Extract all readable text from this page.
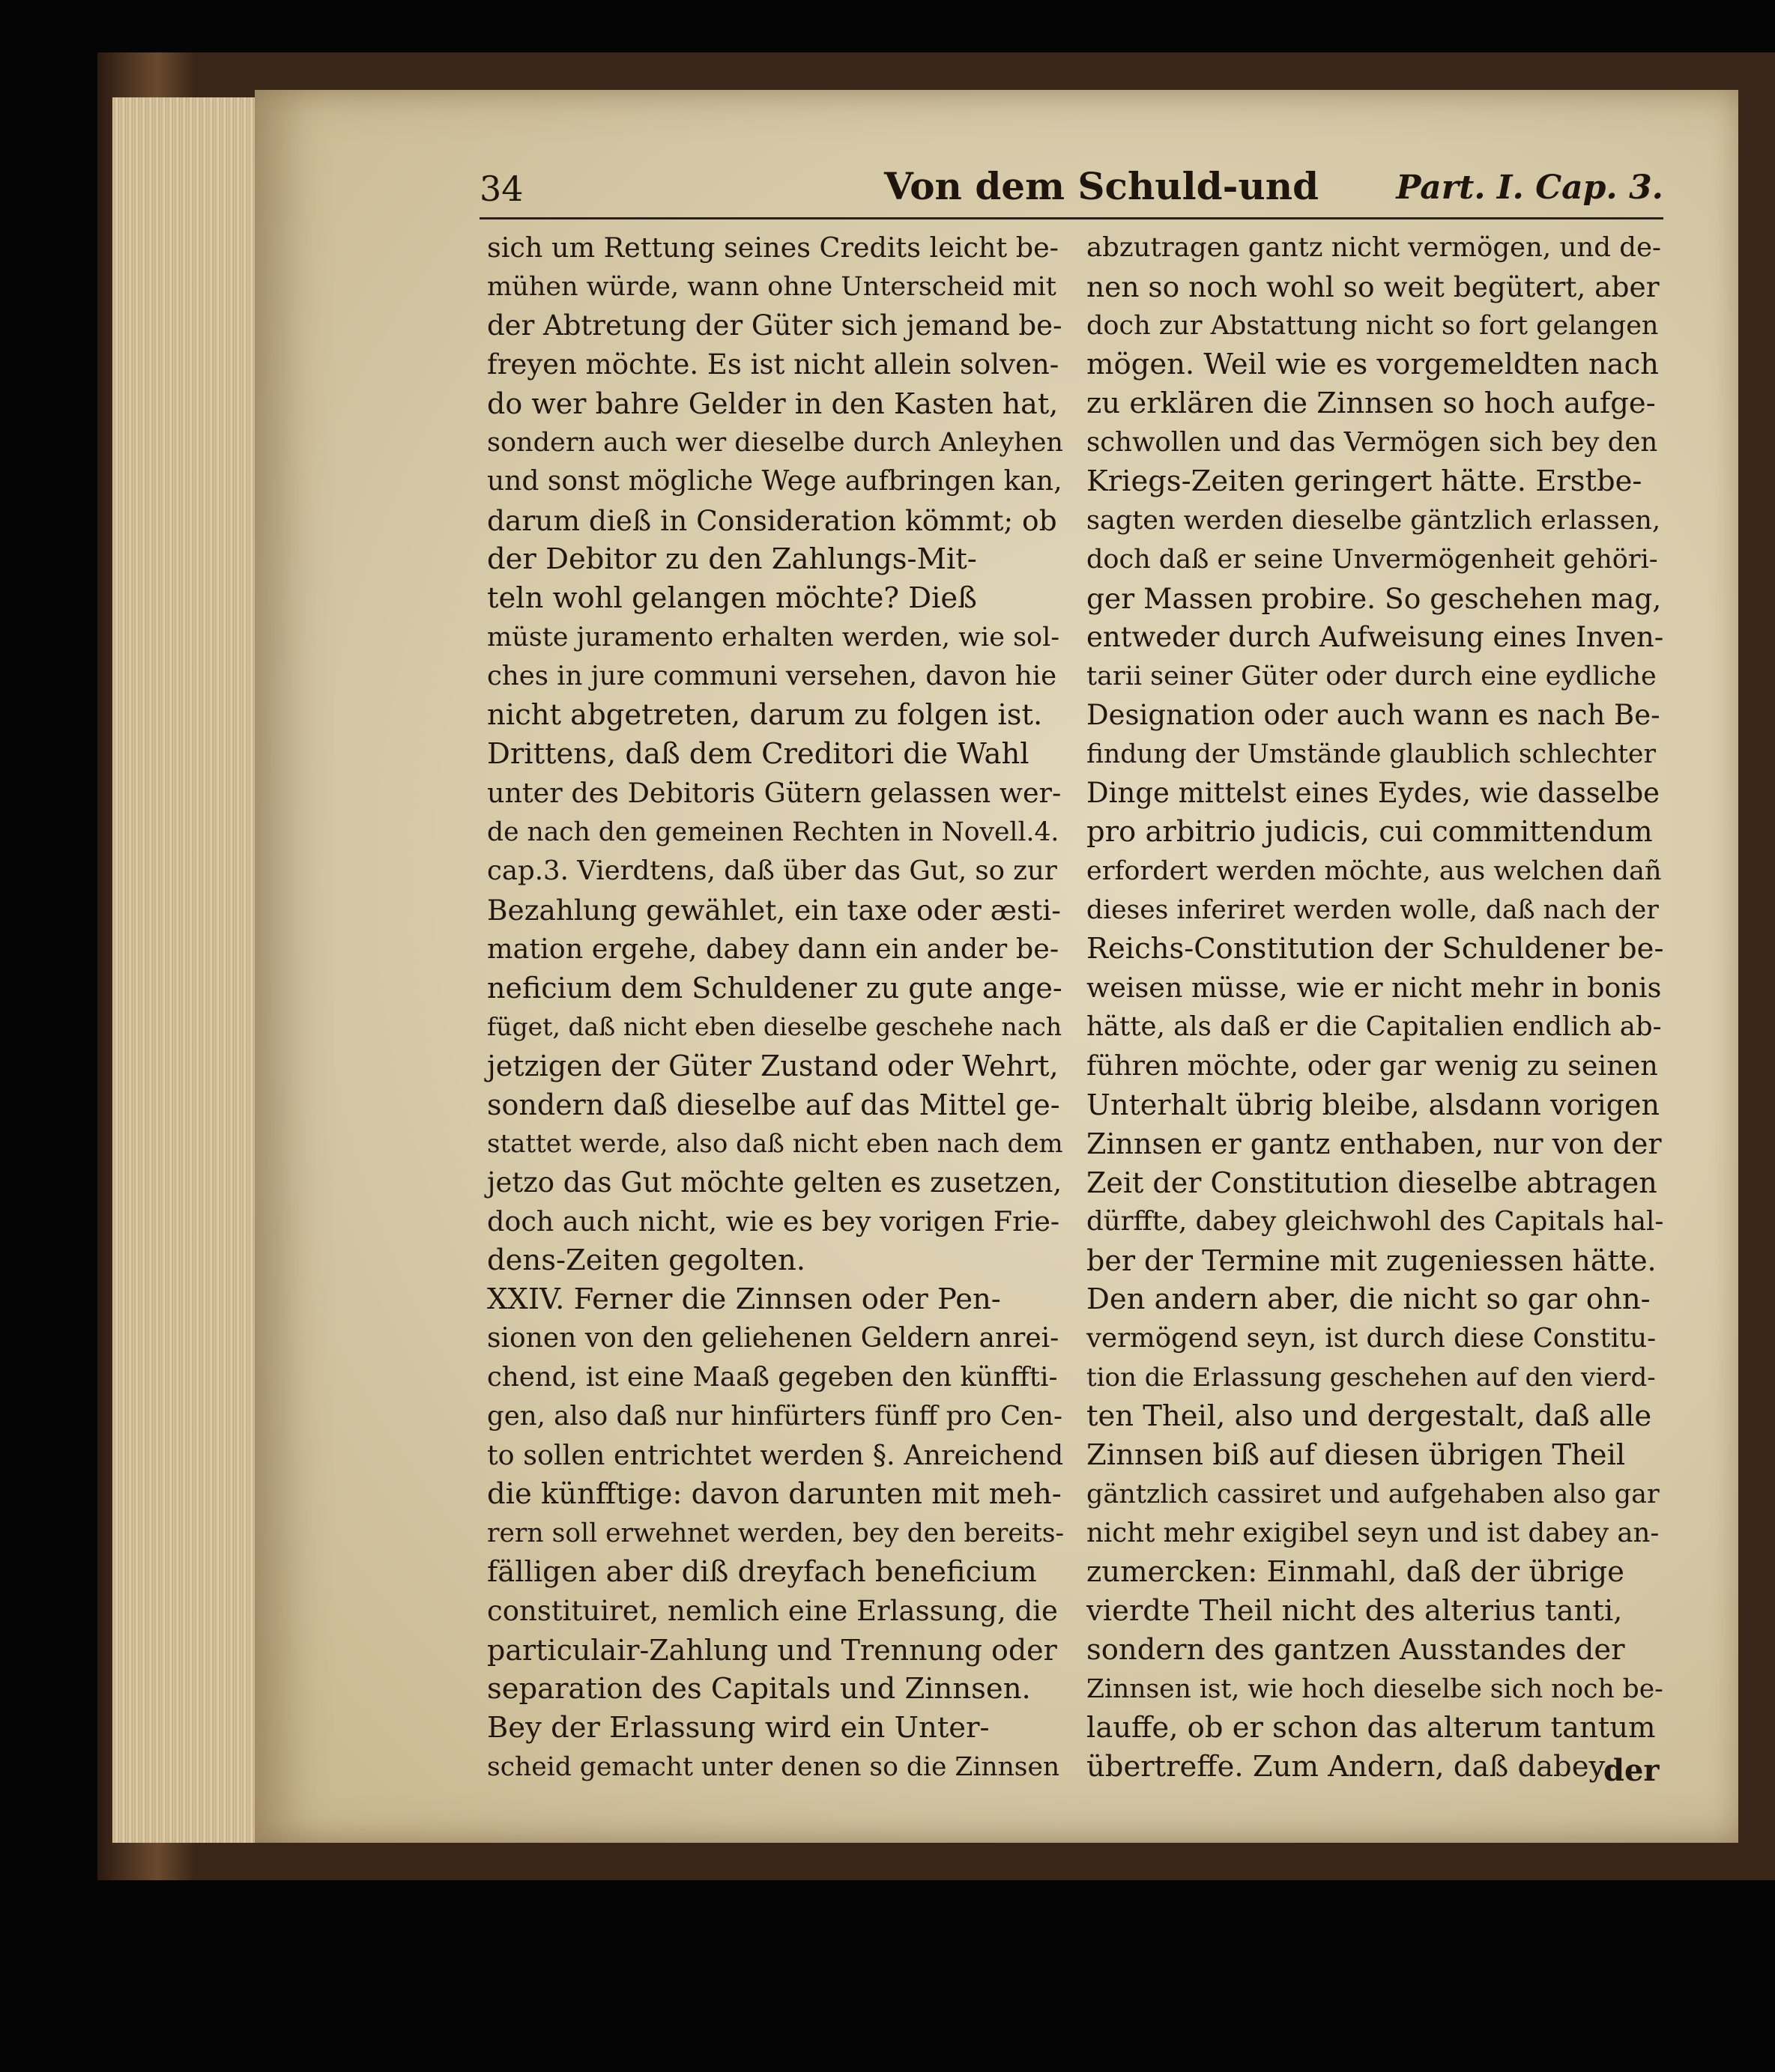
34	Von dem Schuld-und Part. I. Cap. 3.
sich um Rettung seines Credits leicht be-
mühen würde, wann ohne Unterscheid mit
der Abtretung der Güter sich jemand be-
freyen möchte. Es ist nicht allein solven-
do wer bahre Gelder in den Kasten hat,
sondern auch wer dieselbe durch Anleyhen
und sonst mögliche Wege aufbringen kan,
darum dieß in Consideration kömmt; ob
der Debitor zu den Zahlungs-Mit-
teln wohl gelangen möchte? Dieß
müste juramento erhalten werden, wie sol-
ches in jure communi versehen, davon hie
nicht abgetreten, darum zu folgen ist.
Drittens, daß dem Creditori die Wahl
unter des Debitoris Gütern gelassen wer-
de nach den gemeinen Rechten in Novell.4.
cap.3. Vierdtens, daß über das Gut, so zur
Bezahlung gewählet, ein taxe oder æsti-
mation ergehe, dabey dann ein ander be-
neficium dem Schuldener zu gute ange-
füget, daß nicht eben dieselbe geschehe nach
jetzigen der Güter Zustand oder Wehrt,
sondern daß dieselbe auf das Mittel ge-
stattet werde, also daß nicht eben nach dem
jetzo das Gut möchte gelten es zusetzen,
doch auch nicht, wie es bey vorigen Frie-
dens-Zeiten gegolten.
XXIV. Ferner die Zinnsen oder Pen-
sionen von den geliehenen Geldern anrei-
chend, ist eine Maaß gegeben den künffti-
gen, also daß nur hinfürters fünff pro Cen-
to sollen entrichtet werden §. Anreichend
die künfftige: davon darunten mit meh-
rern soll erwehnet werden, bey den bereits-
fälligen aber diß dreyfach beneficium
constituiret, nemlich eine Erlassung, die
particulair-Zahlung und Trennung oder
separation des Capitals und Zinnsen.
Bey der Erlassung wird ein Unter-
scheid gemacht unter denen so die Zinnsen
abzutragen gantz nicht vermögen, und de-
nen so noch wohl so weit begütert, aber
doch zur Abstattung nicht so fort gelangen
mögen. Weil wie es vorgemeldten nach
zu erklären die Zinnsen so hoch aufge-
schwollen und das Vermögen sich bey den
Kriegs-Zeiten geringert hätte. Erstbe-
sagten werden dieselbe gäntzlich erlassen,
doch daß er seine Unvermögenheit gehöri-
ger Massen probire. So geschehen mag,
entweder durch Aufweisung eines Inven-
tarii seiner Güter oder durch eine eydliche
Designation oder auch wann es nach Be-
findung der Umstände glaublich schlechter
Dinge mittelst eines Eydes, wie dasselbe
pro arbitrio judicis, cui committendum
erfordert werden möchte, aus welchen dañ
dieses inferiret werden wolle, daß nach der
Reichs-Constitution der Schuldener be-
weisen müsse, wie er nicht mehr in bonis
hätte, als daß er die Capitalien endlich ab-
führen möchte, oder gar wenig zu seinen
Unterhalt übrig bleibe, alsdann vorigen
Zinnsen er gantz enthaben, nur von der
Zeit der Constitution dieselbe abtragen
dürffte, dabey gleichwohl des Capitals hal-
ber der Termine mit zugeniessen hätte.
Den andern aber, die nicht so gar ohn-
vermögend seyn, ist durch diese Constitu-
tion die Erlassung geschehen auf den vierd-
ten Theil, also und dergestalt, daß alle
Zinnsen biß auf diesen übrigen Theil
gäntzlich cassiret und aufgehaben also gar
nicht mehr exigibel seyn und ist dabey an-
zumercken: Einmahl, daß der übrige
vierdte Theil nicht des alterius tanti,
sondern des gantzen Ausstandes der
Zinnsen ist, wie hoch dieselbe sich noch be-
lauffe, ob er schon das alterum tantum
übertreffe. Zum Andern, daß dabey
der
